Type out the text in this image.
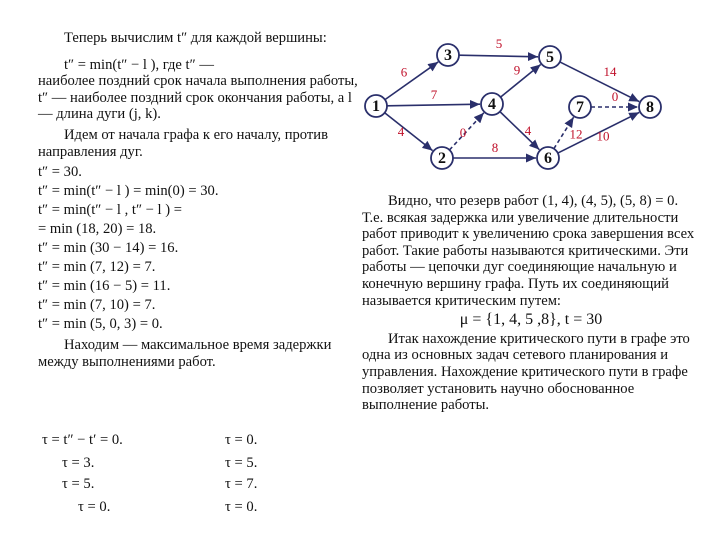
Теперь вычислим t″ для каждой вершины:

t″ = min(t″ − l ), где t″ —

наиболее поздний срок начала выполнения работы, t″ — наиболее поздний срок окончания работы, а l — длина дуги (j, k).

Идем от начала графа к его началу, против направления дуг.

t″ = 30.
t″ = min(t″ − l ) = min(0) = 30.
t″ = min(t″ − l , t″ − l ) =
= min (18, 20) = 18.
t″ = min (30 − 14) = 16.
t″ = min (7, 12) = 7.
t″ = min (16 − 5) = 11.
t″ = min (7, 10) = 7.
t″ = min (5, 0, 3) = 0.

Находим — максимальное время задержки между выполнениями работ.

τ = t″ − t′ = 0.
τ = 3.
τ = 5.
τ = 0.
τ = 0.
τ = 5.
τ = 7.
τ = 0.
6
7
4
5
9
0
8
4
14
0
12 10
1
2
3
4
5
6
7	8

Видно, что резерв работ (1, 4), (4, 5), (5, 8) = 0. Т.е. всякая задержка или увеличение длительности работ приводит к увеличению срока завершения всех работ. Такие работы называются критическими. Эти работы — цепочки дуг соединяющие начальную и конечную вершину графа. Путь их соединяющий называется критическим путем:

μ = {1, 4, 5 ,8}, t = 30

Итак нахождение критического пути в графе это одна из основных задач сетевого планирования и управления. Нахождение критического пути в графе позволяет установить научно обоснованное выполнение работы.
